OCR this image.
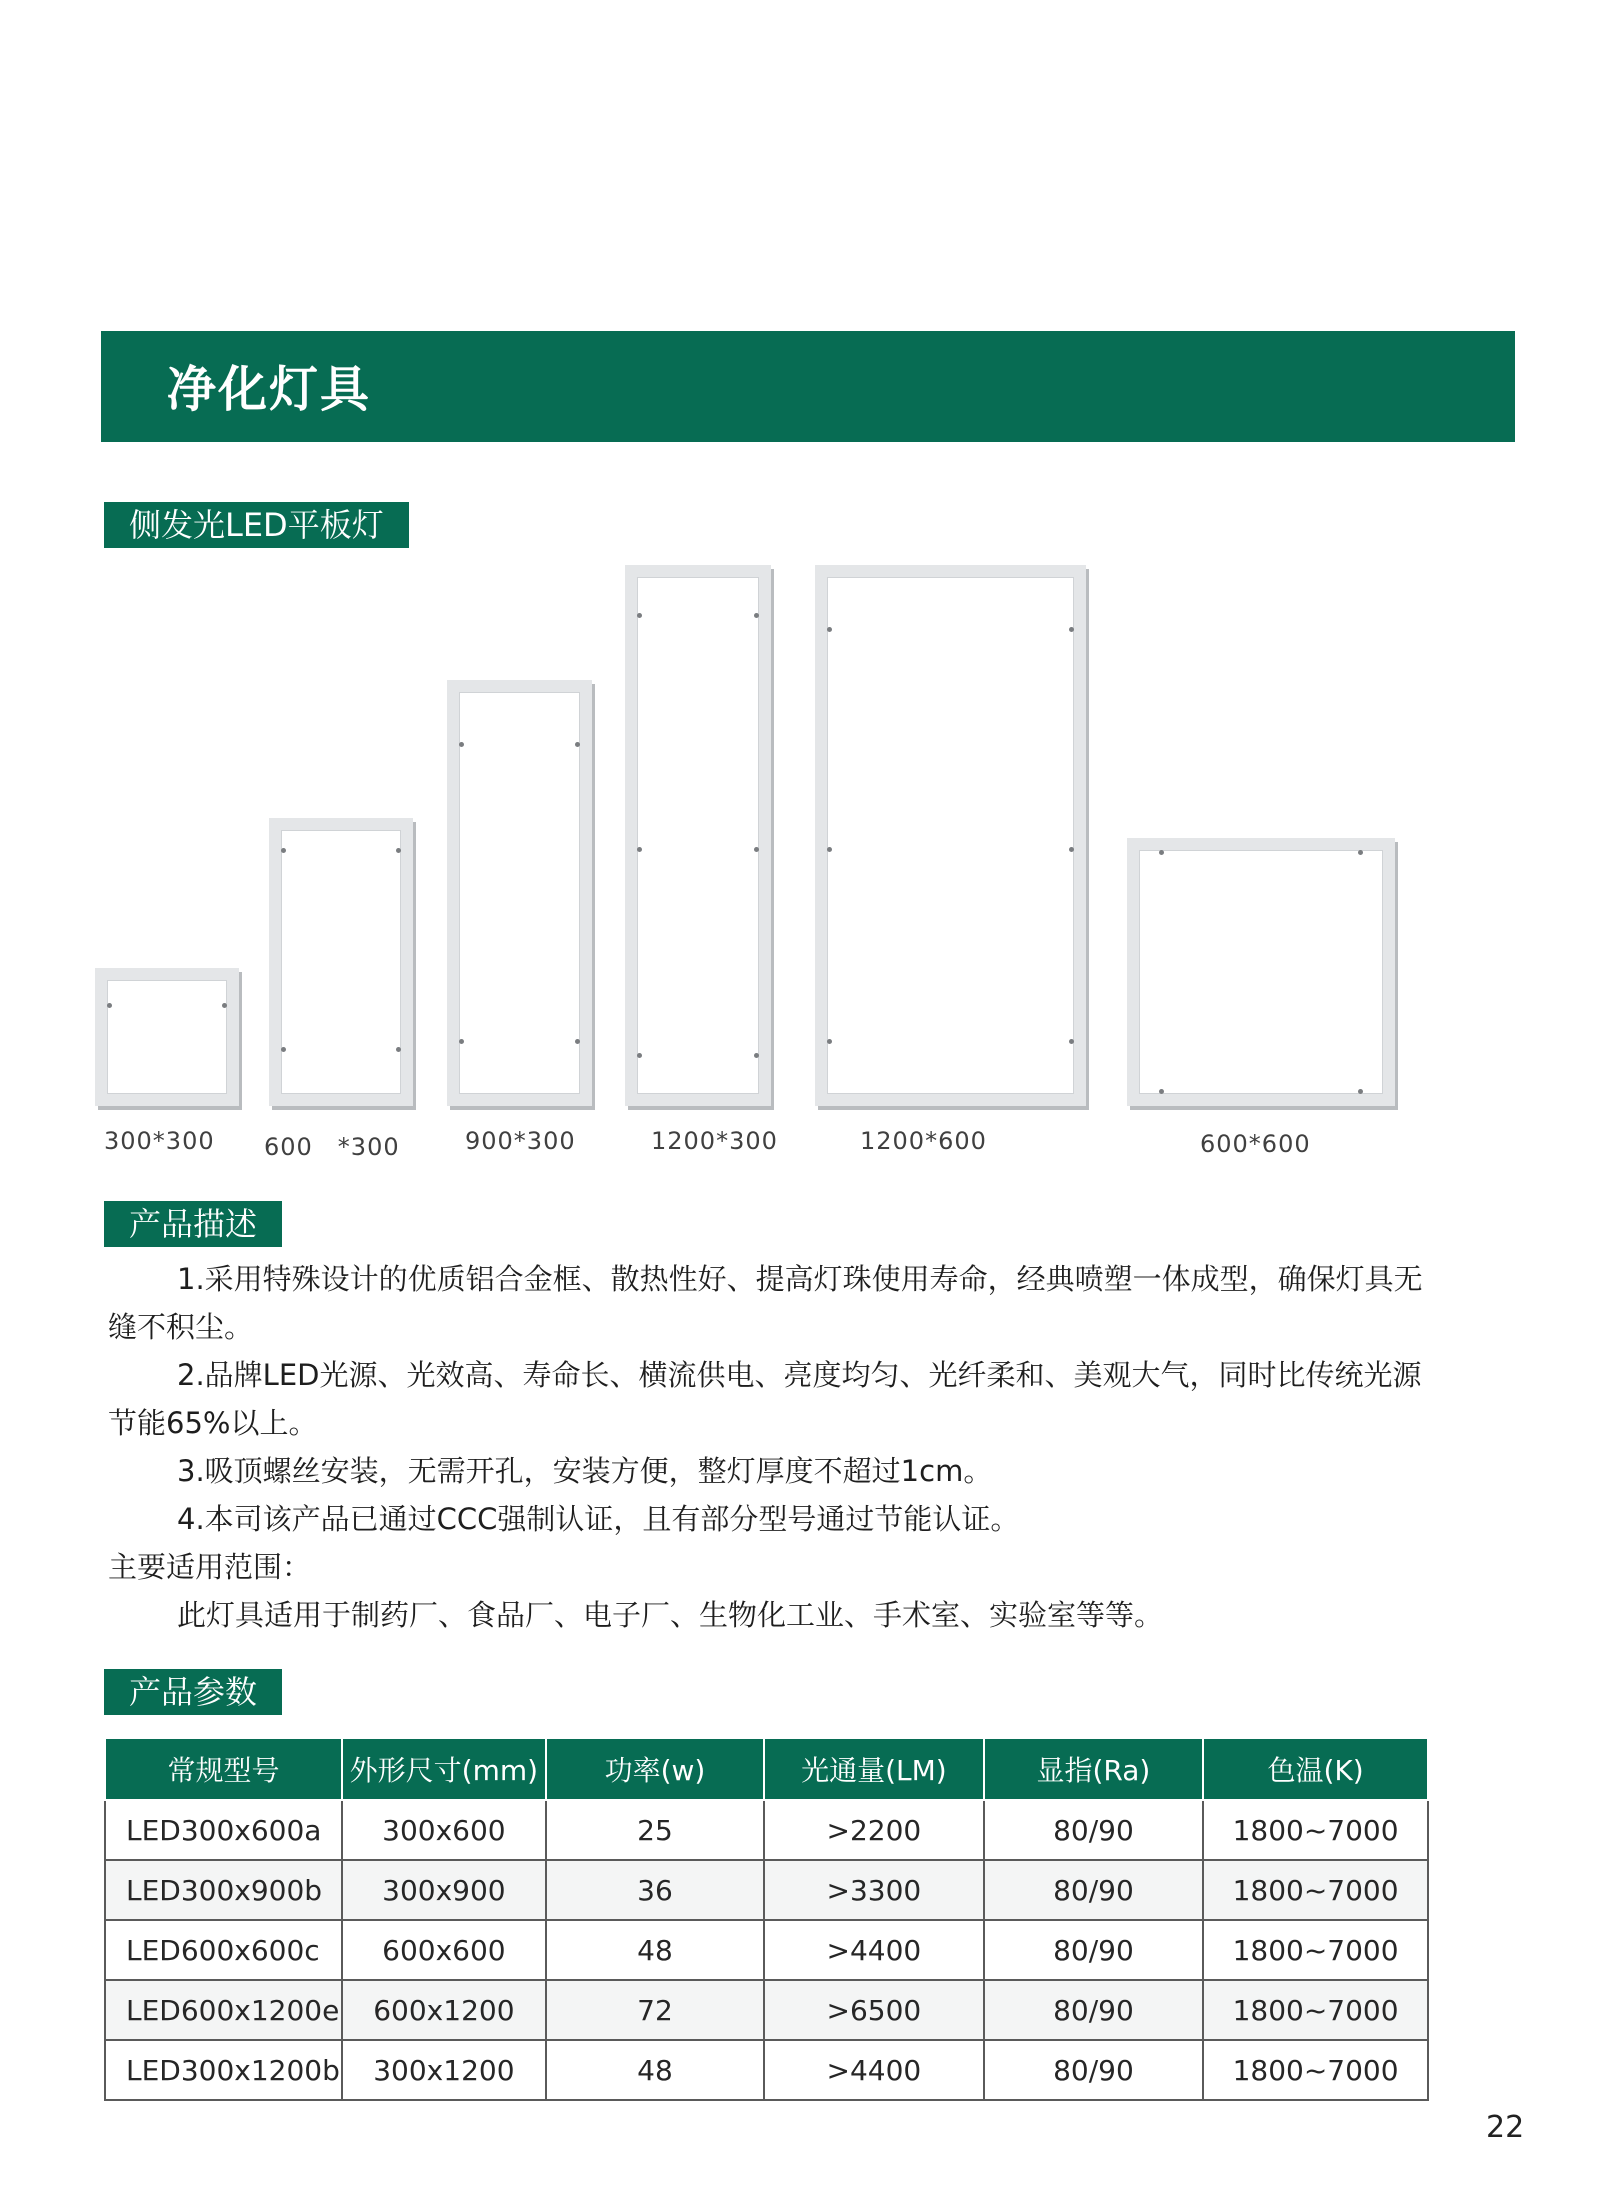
净化灯具
侧发光LED平板灯
300*300 600　*300	900*300	1200*300	1200*600	600*600
产品描述

1.采用特殊设计的优质铝合金框、散热性好、提高灯珠使用寿命，经典喷塑一体成型，确保灯具无缝不积尘。

2.品牌LED光源、光效高、寿命长、横流供电、亮度均匀、光纤柔和、美观大气，同时比传统光源节能65%以上。

3.吸顶螺丝安装，无需开孔，安装方便，整灯厚度不超过1cm。

4.本司该产品已通过CCC强制认证，且有部分型号通过节能认证。

主要适用范围：

此灯具适用于制药厂、食品厂、电子厂、生物化工业、手术室、实验室等等。

产品参数
常规型号	外形尺寸(mm)	功率(w)	光通量(LM)	显指(Ra)	色温(K)
LED300x600a	300x600	25	>2200	80/90	1800~7000
LED300x900b	300x900	36	>3300	80/90	1800~7000
LED600x600c	600x600	48	>4400	80/90	1800~7000
LED600x1200e	600x1200	72	>6500	80/90	1800~7000
LED300x1200b	300x1200	48	>4400	80/90	1800~7000
22
